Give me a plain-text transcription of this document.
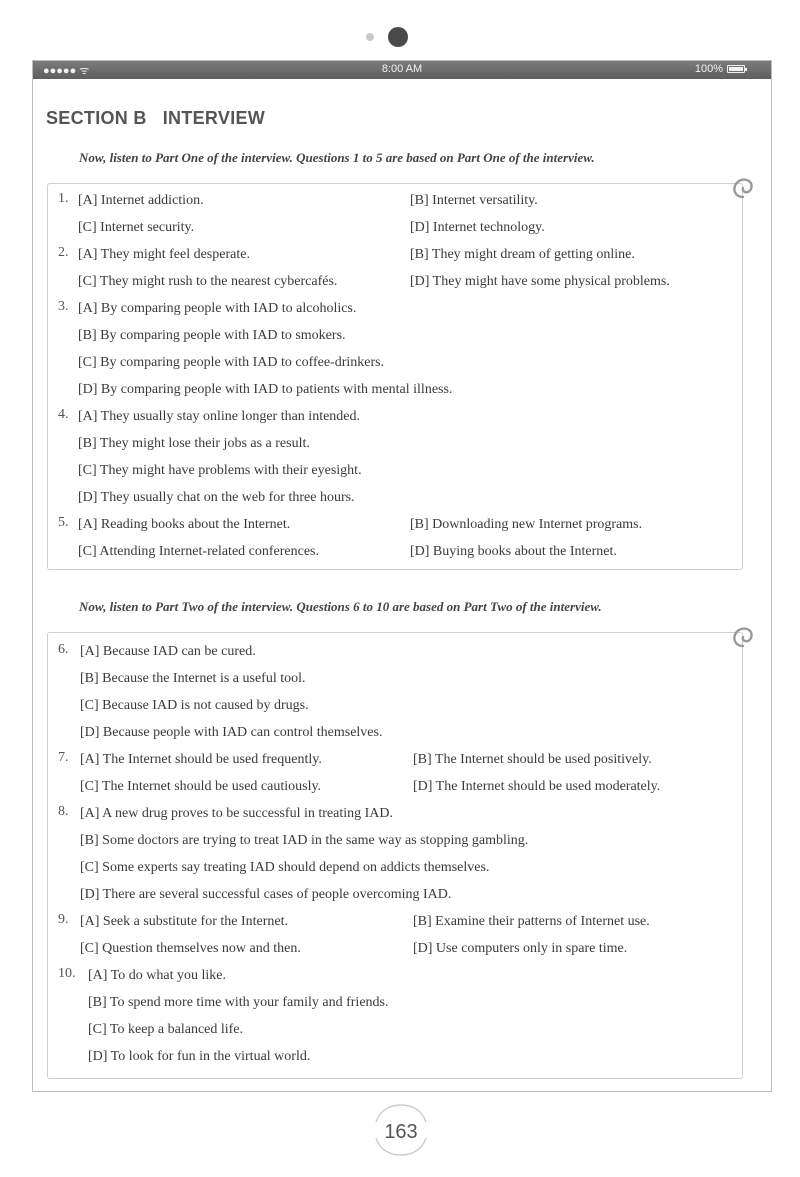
●●●●● ᯤ	8:00 AM	100%
SECTION B INTERVIEW
Now, listen to Part One of the interview. Questions 1 to 5 are based on Part One of the interview.
1. [A] Internet addiction.	[B] Internet versatility.
[C] Internet security.	[D] Internet technology.
2. [A] They might feel desperate.	[B] They might dream of getting online.
[C] They might rush to the nearest cybercafés.	[D] They might have some physical problems.
3. [A] By comparing people with IAD to alcoholics.
[B] By comparing people with IAD to smokers.
[C] By comparing people with IAD to coffee-drinkers.
[D] By comparing people with IAD to patients with mental illness.
4. [A] They usually stay online longer than intended.
[B] They might lose their jobs as a result.
[C] They might have problems with their eyesight.
[D] They usually chat on the web for three hours.
5. [A] Reading books about the Internet.	[B] Downloading new Internet programs.
[C] Attending Internet-related conferences.	[D] Buying books about the Internet.
Now, listen to Part Two of the interview. Questions 6 to 10 are based on Part Two of the interview.
6. [A] Because IAD can be cured.
[B] Because the Internet is a useful tool.
[C] Because IAD is not caused by drugs.
[D] Because people with IAD can control themselves.
7. [A] The Internet should be used frequently.	[B] The Internet should be used positively.
[C] The Internet should be used cautiously.	[D] The Internet should be used moderately.
8. [A] A new drug proves to be successful in treating IAD.
[B] Some doctors are trying to treat IAD in the same way as stopping gambling.
[C] Some experts say treating IAD should depend on addicts themselves.
[D] There are several successful cases of people overcoming IAD.
9. [A] Seek a substitute for the Internet.	[B] Examine their patterns of Internet use.
[C] Question themselves now and then.	[D] Use computers only in spare time.
10. [A] To do what you like.
[B] To spend more time with your family and friends.
[C] To keep a balanced life.
[D] To look for fun in the virtual world.
163
